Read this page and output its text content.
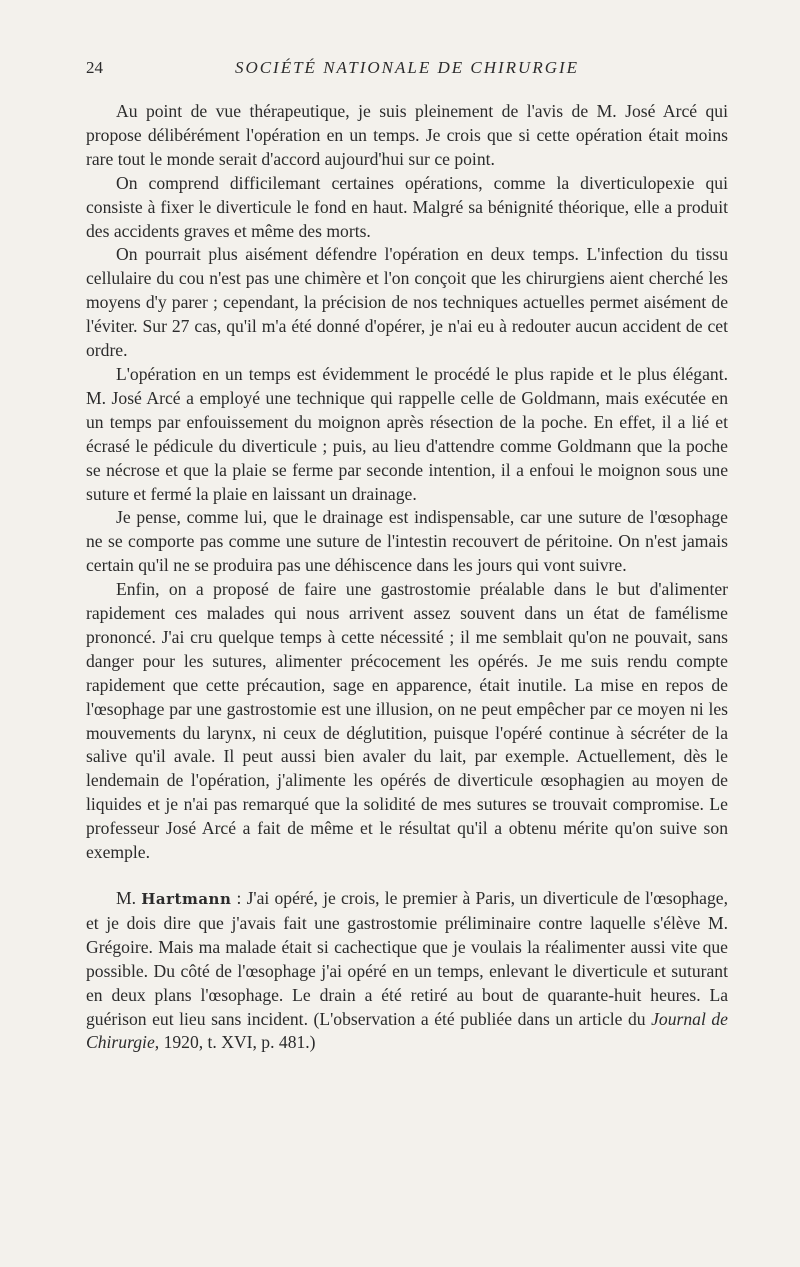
24	SOCIÉTÉ NATIONALE DE CHIRURGIE

Au point de vue thérapeutique, je suis pleinement de l'avis de M. José Arcé qui propose délibérément l'opération en un temps. Je crois que si cette opération était moins rare tout le monde serait d'accord aujourd'hui sur ce point.

On comprend difficilemant certaines opérations, comme la diverticulopexie qui consiste à fixer le diverticule le fond en haut. Malgré sa bénignité théorique, elle a produit des accidents graves et même des morts.

On pourrait plus aisément défendre l'opération en deux temps. L'infection du tissu cellulaire du cou n'est pas une chimère et l'on conçoit que les chirurgiens aient cherché les moyens d'y parer ; cependant, la précision de nos techniques actuelles permet aisément de l'éviter. Sur 27 cas, qu'il m'a été donné d'opérer, je n'ai eu à redouter aucun accident de cet ordre.

L'opération en un temps est évidemment le procédé le plus rapide et le plus élégant. M. José Arcé a employé une technique qui rappelle celle de Goldmann, mais exécutée en un temps par enfouissement du moignon après résection de la poche. En effet, il a lié et écrasé le pédicule du diverticule ; puis, au lieu d'attendre comme Goldmann que la poche se nécrose et que la plaie se ferme par seconde intention, il a enfoui le moignon sous une suture et fermé la plaie en laissant un drainage.

Je pense, comme lui, que le drainage est indispensable, car une suture de l'œsophage ne se comporte pas comme une suture de l'intestin recouvert de péritoine. On n'est jamais certain qu'il ne se produira pas une déhiscence dans les jours qui vont suivre.

Enfin, on a proposé de faire une gastrostomie préalable dans le but d'alimenter rapidement ces malades qui nous arrivent assez souvent dans un état de famélisme prononcé. J'ai cru quelque temps à cette nécessité ; il me semblait qu'on ne pouvait, sans danger pour les sutures, alimenter précocement les opérés. Je me suis rendu compte rapidement que cette précaution, sage en apparence, était inutile. La mise en repos de l'œsophage par une gastrostomie est une illusion, on ne peut empêcher par ce moyen ni les mouvements du larynx, ni ceux de déglutition, puisque l'opéré continue à sécréter de la salive qu'il avale. Il peut aussi bien avaler du lait, par exemple. Actuellement, dès le lendemain de l'opération, j'alimente les opérés de diverticule œsophagien au moyen de liquides et je n'ai pas remarqué que la solidité de mes sutures se trouvait compromise. Le professeur José Arcé a fait de même et le résultat qu'il a obtenu mérite qu'on suive son exemple.

M. Hartmann : J'ai opéré, je crois, le premier à Paris, un diverticule de l'œsophage, et je dois dire que j'avais fait une gastrostomie préliminaire contre laquelle s'élève M. Grégoire. Mais ma malade était si cachectique que je voulais la réalimenter aussi vite que possible. Du côté de l'œsophage j'ai opéré en un temps, enlevant le diverticule et suturant en deux plans l'œsophage. Le drain a été retiré au bout de quarante-huit heures. La guérison eut lieu sans incident. (L'observation a été publiée dans un article du Journal de Chirurgie, 1920, t. XVI, p. 481.)
